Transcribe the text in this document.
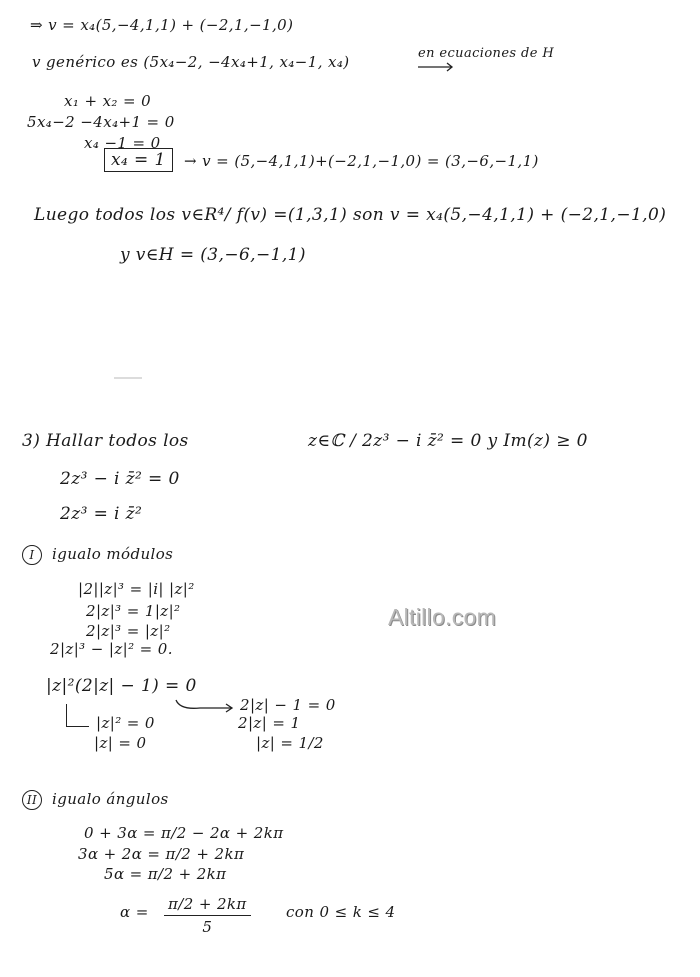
⇒ v = x₄(5,−4,1,1) + (−2,1,−1,0)
v genérico es (5x₄−2, −4x₄+1, x₄−1, x₄)	en ecuaciones de H
x₁ + x₂ = 0
5x₄−2 −4x₄+1 = 0
x₄ −1 = 0
x₄ = 1	→ v = (5,−4,1,1)+(−2,1,−1,0) = (3,−6,−1,1)
Luego todos los v∈R⁴/ f(v) =(1,3,1) son v = x₄(5,−4,1,1) + (−2,1,−1,0)
y v∈H = (3,−6,−1,1)
3) Hallar todos los	z∈ℂ / 2z³ − i z̄² = 0 y Im(z) ≥ 0
2z³ − i z̄² = 0
2z³ = i z̄²
I igualo módulos
|2||z|³ = |i| |z|²
2|z|³ = 1|z|²
2|z|³ = |z|²
2|z|³ − |z|² = 0.
|z|²(2|z| − 1) = 0
|z|² = 0
|z| = 0
2|z| − 1 = 0
2|z| = 1
|z| = 1/2
II igualo ángulos
0 + 3α = π/2 − 2α + 2kπ
3α + 2α = π/2 + 2kπ
5α = π/2 + 2kπ
$\alpha = \frac{\pi/2 + 2k\pi}{5}$ con 0 ≤ k ≤ 4
Altillo.com
